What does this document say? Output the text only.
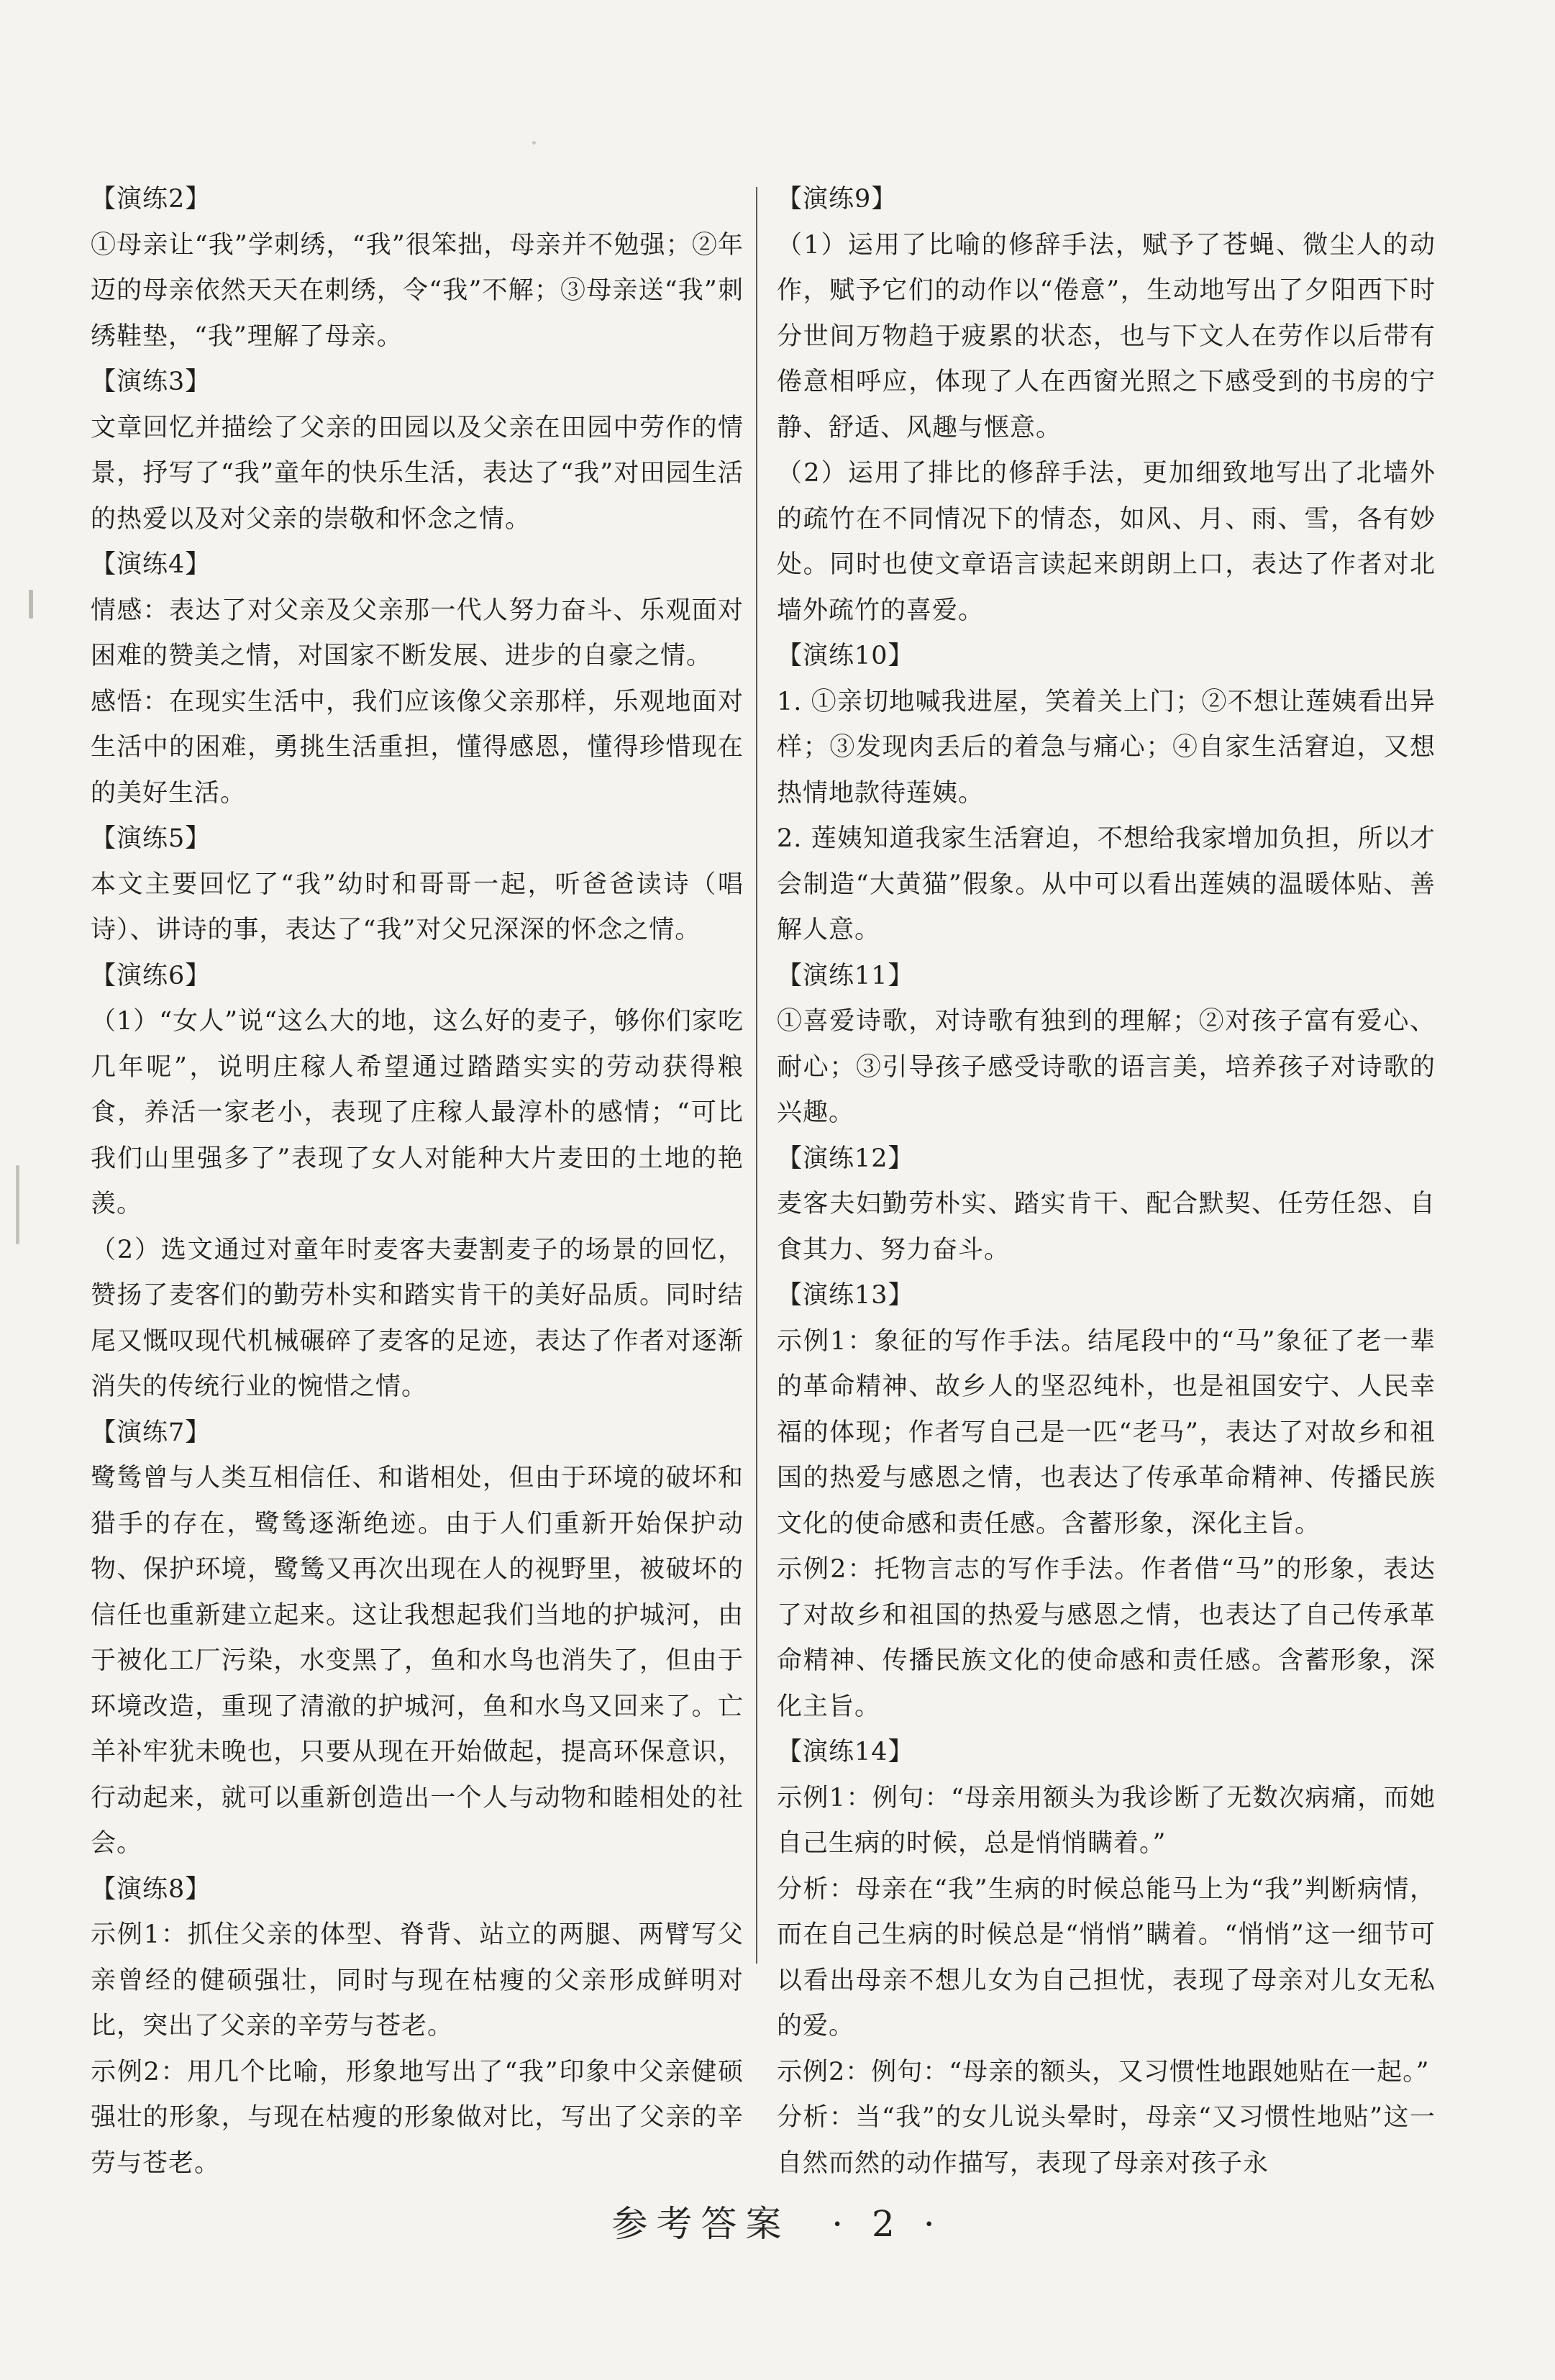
【演练2】

①母亲让“我”学刺绣，“我”很笨拙，母亲并不勉强；②年迈的母亲依然天天在刺绣，令“我”不解；③母亲送“我”刺绣鞋垫，“我”理解了母亲。

【演练3】

文章回忆并描绘了父亲的田园以及父亲在田园中劳作的情景，抒写了“我”童年的快乐生活，表达了“我”对田园生活的热爱以及对父亲的崇敬和怀念之情。

【演练4】

情感：表达了对父亲及父亲那一代人努力奋斗、乐观面对困难的赞美之情，对国家不断发展、进步的自豪之情。

感悟：在现实生活中，我们应该像父亲那样，乐观地面对生活中的困难，勇挑生活重担，懂得感恩，懂得珍惜现在的美好生活。

【演练5】

本文主要回忆了“我”幼时和哥哥一起，听爸爸读诗（唱诗）、讲诗的事，表达了“我”对父兄深深的怀念之情。

【演练6】

（1）“女人”说“这么大的地，这么好的麦子，够你们家吃几年呢”，说明庄稼人希望通过踏踏实实的劳动获得粮食，养活一家老小，表现了庄稼人最淳朴的感情；“可比我们山里强多了”表现了女人对能种大片麦田的土地的艳羡。

（2）选文通过对童年时麦客夫妻割麦子的场景的回忆，赞扬了麦客们的勤劳朴实和踏实肯干的美好品质。同时结尾又慨叹现代机械碾碎了麦客的足迹，表达了作者对逐渐消失的传统行业的惋惜之情。

【演练7】

鹭鸶曾与人类互相信任、和谐相处，但由于环境的破坏和猎手的存在，鹭鸶逐渐绝迹。由于人们重新开始保护动物、保护环境，鹭鸶又再次出现在人的视野里，被破坏的信任也重新建立起来。这让我想起我们当地的护城河，由于被化工厂污染，水变黑了，鱼和水鸟也消失了，但由于环境改造，重现了清澈的护城河，鱼和水鸟又回来了。亡羊补牢犹未晚也，只要从现在开始做起，提高环保意识，行动起来，就可以重新创造出一个人与动物和睦相处的社会。

【演练8】

示例1：抓住父亲的体型、脊背、站立的两腿、两臂写父亲曾经的健硕强壮，同时与现在枯瘦的父亲形成鲜明对比，突出了父亲的辛劳与苍老。

示例2：用几个比喻，形象地写出了“我”印象中父亲健硕强壮的形象，与现在枯瘦的形象做对比，写出了父亲的辛劳与苍老。

【演练9】

（1）运用了比喻的修辞手法，赋予了苍蝇、微尘人的动作，赋予它们的动作以“倦意”，生动地写出了夕阳西下时分世间万物趋于疲累的状态，也与下文人在劳作以后带有倦意相呼应，体现了人在西窗光照之下感受到的书房的宁静、舒适、风趣与惬意。

（2）运用了排比的修辞手法，更加细致地写出了北墙外的疏竹在不同情况下的情态，如风、月、雨、雪，各有妙处。同时也使文章语言读起来朗朗上口，表达了作者对北墙外疏竹的喜爱。

【演练10】

1. ①亲切地喊我进屋，笑着关上门；②不想让莲姨看出异样；③发现肉丢后的着急与痛心；④自家生活窘迫，又想热情地款待莲姨。

2. 莲姨知道我家生活窘迫，不想给我家增加负担，所以才会制造“大黄猫”假象。从中可以看出莲姨的温暖体贴、善解人意。

【演练11】

①喜爱诗歌，对诗歌有独到的理解；②对孩子富有爱心、耐心；③引导孩子感受诗歌的语言美，培养孩子对诗歌的兴趣。

【演练12】

麦客夫妇勤劳朴实、踏实肯干、配合默契、任劳任怨、自食其力、努力奋斗。

【演练13】

示例1：象征的写作手法。结尾段中的“马”象征了老一辈的革命精神、故乡人的坚忍纯朴，也是祖国安宁、人民幸福的体现；作者写自己是一匹“老马”，表达了对故乡和祖国的热爱与感恩之情，也表达了传承革命精神、传播民族文化的使命感和责任感。含蓄形象，深化主旨。

示例2：托物言志的写作手法。作者借“马”的形象，表达了对故乡和祖国的热爱与感恩之情，也表达了自己传承革命精神、传播民族文化的使命感和责任感。含蓄形象，深化主旨。

【演练14】

示例1：例句：“母亲用额头为我诊断了无数次病痛，而她自己生病的时候，总是悄悄瞒着。”

分析：母亲在“我”生病的时候总能马上为“我”判断病情，而在自己生病的时候总是“悄悄”瞒着。“悄悄”这一细节可以看出母亲不想儿女为自己担忧，表现了母亲对儿女无私的爱。

示例2：例句：“母亲的额头，又习惯性地跟她贴在一起。”

分析：当“我”的女儿说头晕时，母亲“又习惯性地贴”这一自然而然的动作描写，表现了母亲对孩子永

参考答案 · 2 ·
